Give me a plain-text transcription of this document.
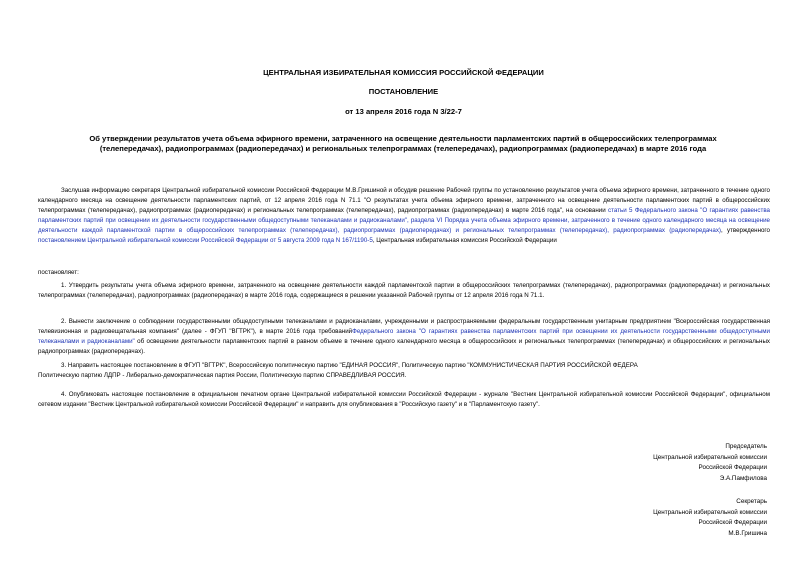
ЦЕНТРАЛЬНАЯ ИЗБИРАТЕЛЬНАЯ КОМИССИЯ РОССИЙСКОЙ ФЕДЕРАЦИИ
ПОСТАНОВЛЕНИЕ
от 13 апреля 2016 года N 3/22-7
Об утверждении результатов учета объема эфирного времени, затраченного на освещение деятельности парламентских партий в общероссийских телепрограммах (телепередачах), радиопрограммах (радиопередачах) и региональных телепрограммах (телепередачах), радиопрограммах (радиопередачах) в марте 2016 года
Заслушав информацию секретаря Центральной избирательной комиссии Российской Федерации М.В.Гришиной и обсудив решение Рабочей группы по установлению результатов учета объема эфирного времени, затраченного в течение одного календарного месяца на освещение деятельности парламентских партий, от 12 апреля 2016 года N 71.1 "О результатах учета объема эфирного времени, затраченного на освещение деятельности парламентских партий в общероссийских телепрограммах (телепередачах), радиопрограммах (радиопередачах) и региональных телепрограммах (телепередачах), радиопрограммах (радиопередачах) в марте 2016 года", на основании статьи 5 Федерального закона "О гарантиях равенства парламентских партий при освещении их деятельности государственными общедоступными телеканалами и радиоканалами", раздела VI Порядка учета объема эфирного времени, затраченного в течение одного календарного месяца на освещение деятельности каждой парламентской партии в общероссийских телепрограммах (телепередачах), радиопрограммах (радиопередачах) и региональных телепрограммах (телепередачах), радиопрограммах (радиопередачах), утвержденного постановлением Центральной избирательной комиссии Российской Федерации от 5 августа 2009 года N 167/1190-5, Центральная избирательная комиссия Российской Федерации
постановляет:
1. Утвердить результаты учета объема эфирного времени, затраченного на освещение деятельности каждой парламентской партии в общероссийских телепрограммах (телепередачах), радиопрограммах (радиопередачах) и региональных телепрограммах (телепередачах), радиопрограммах (радиопередачах) в марте 2016 года, содержащиеся в решении указанной Рабочей группы от 12 апреля 2016 года N 71.1.
2. Вынести заключение о соблюдении государственными общедоступными телеканалами и радиоканалами, учрежденными и распространяемыми федеральным государственным унитарным предприятием "Всероссийская государственная телевизионная и радиовещательная компания" (далее - ФГУП "ВГТРК"), в марте 2016 года требованийФедерального закона "О гарантиях равенства парламентских партий при освещении их деятельности государственными общедоступными телеканалами и радиоканалами" об освещении деятельности парламентских партий в равном объеме в течение одного календарного месяца в общероссийских и региональных телепрограммах (телепередачах) и общероссийских и региональных радиопрограммах (радиопередачах).
3. Направить настоящее постановление в ФГУП "ВГТРК", Всероссийскую политическую партию "ЕДИНАЯ РОССИЯ", Политическую партию "КОММУНИСТИЧЕСКАЯ ПАРТИЯ РОССИЙСКОЙ ФЕДЕРА
Политическую партию ЛДПР - Либерально-демократическая партия России, Политическую партию СПРАВЕДЛИВАЯ РОССИЯ.
4. Опубликовать настоящее постановление в официальном печатном органе Центральной избирательной комиссии Российской Федерации - журнале "Вестник Центральной избирательной комиссии Российской Федерации", официальном сетевом издании "Вестник Центральной избирательной комиссии Российской Федерации" и направить для опубликования в "Российскую газету" и в "Парламентскую газету".
Председатель
Центральной избирательной комиссии
Российской Федерации
Э.А.Памфилова
Секретарь
Центральной избирательной комиссии
Российской Федерации
М.В.Гришина
